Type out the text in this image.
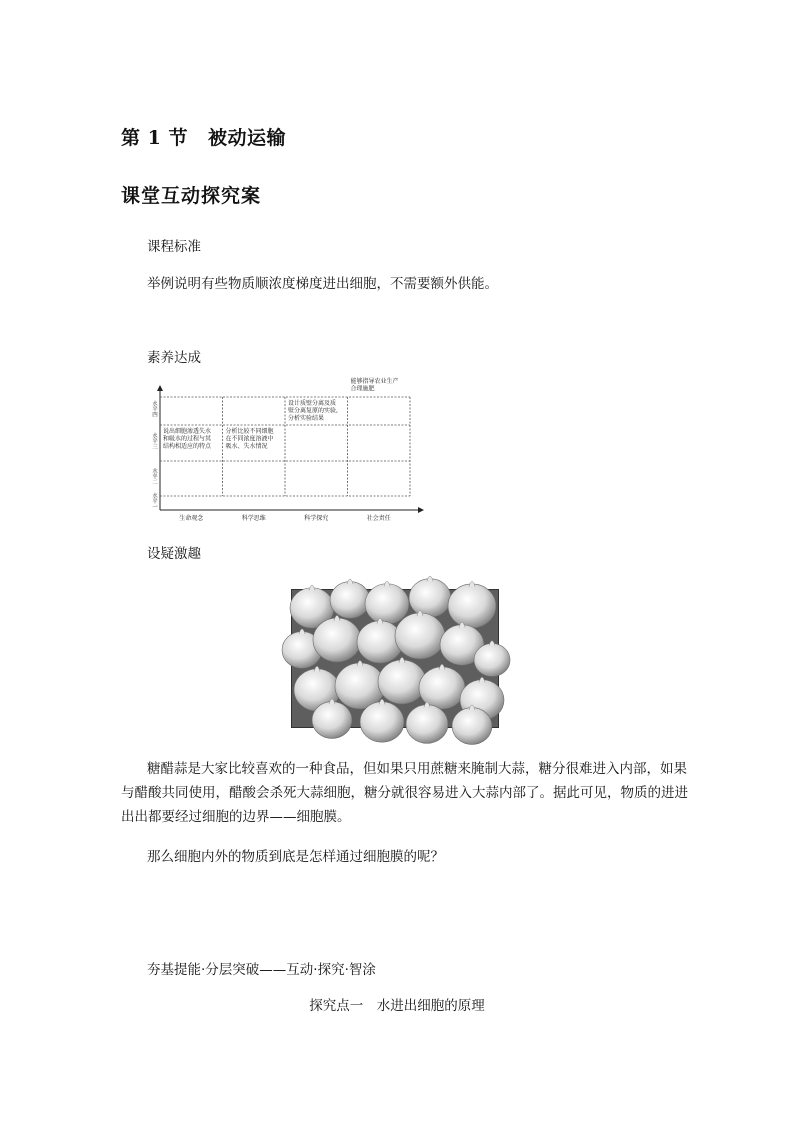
第 1 节 被动运输
课堂互动探究案
课程标准
举例说明有些物质顺浓度梯度进出细胞，不需要额外供能。
素养达成
水平一
水平二
水平三
水平四
生命观念	科学思维	科学探究	社会责任
说出细胞渗透失水和吸水的过程与其结构相适应的特点
分析比较不同细胞在不同浓度溶液中吸水、失水情况
设计质壁分离及质壁分离复原的实验,分析实验结果
能够指导农业生产合理施肥
设疑激趣

糖醋蒜是大家比较喜欢的一种食品，但如果只用蔗糖来腌制大蒜，糖分很难进入内部，如果与醋酸共同使用，醋酸会杀死大蒜细胞，糖分就很容易进入大蒜内部了。据此可见，物质的进进出出都要经过细胞的边界——细胞膜。

那么细胞内外的物质到底是怎样通过细胞膜的呢？

夯基提能·分层突破——互动·探究·智涂
探究点一　水进出细胞的原理
